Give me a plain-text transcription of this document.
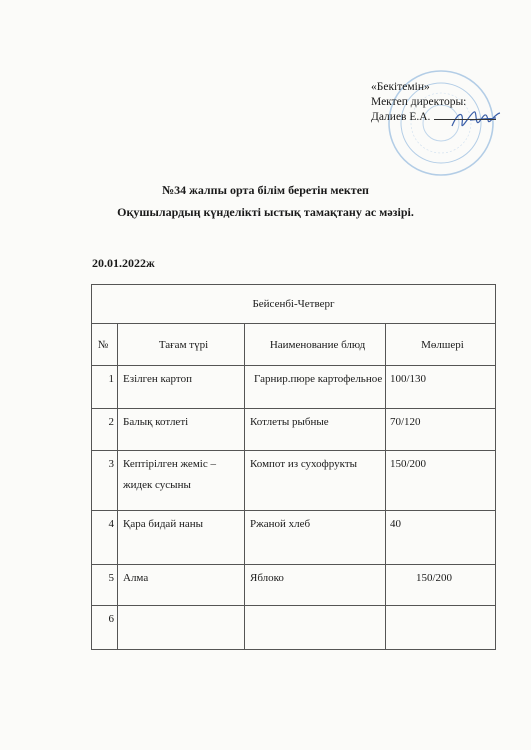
«Бекітемін»
Мектеп директоры:
Далиев Е.А.
№34 жалпы орта білім беретін мектеп
Оқушылардың күнделікті ыстық тамақтану ас мәзірі.
20.01.2022ж
Бейсенбі-Четверг			
№	Тағам түрі	Наименование блюд	Мөлшері

1	Езілген картоп	Гарнир.пюре картофельное	100/130

2	Балық котлеті	Котлеты рыбные	70/120

3	Кептірілген жеміс – жидек сусыны	Компот из сухофрукты	150/200

4	Қара бидай наны	Ржаной хлеб	40

5	Алма	Яблоко	150/200

6			
